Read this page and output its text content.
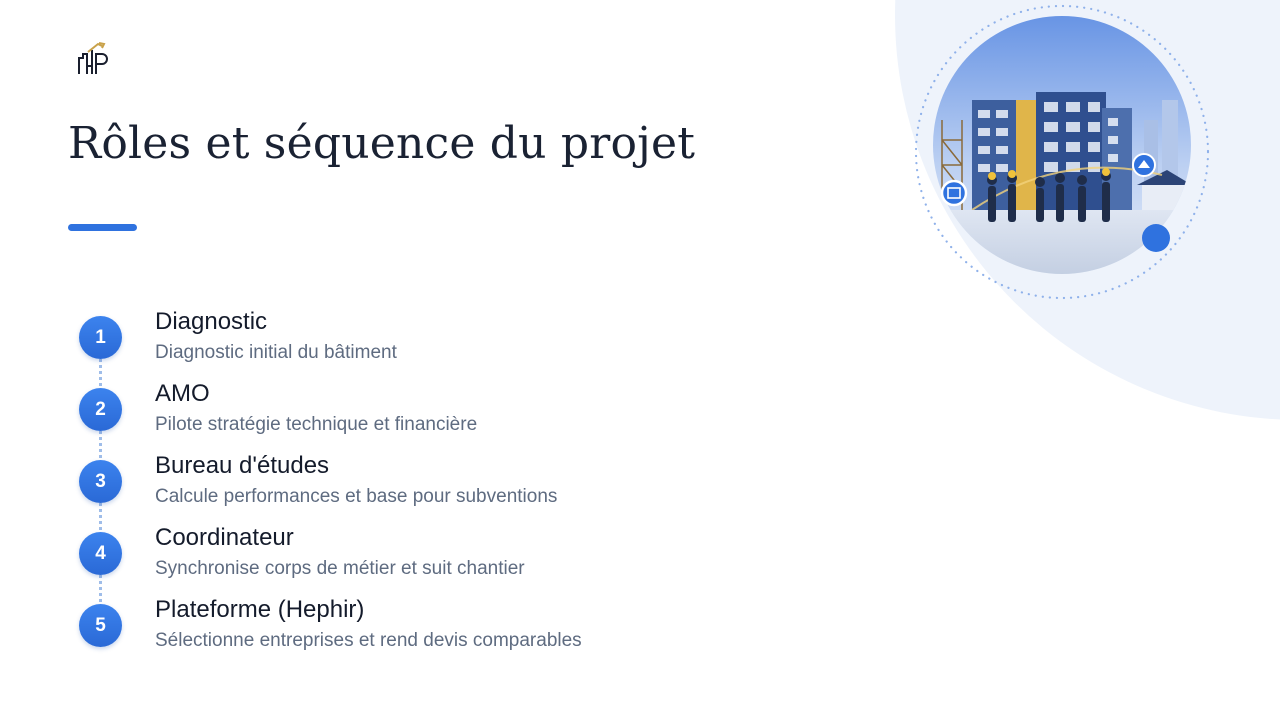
Rôles et séquence du projet
1
Diagnostic
Diagnostic initial du bâtiment
2
AMO
Pilote stratégie technique et financière
3
Bureau d'études
Calcule performances et base pour subventions
4
Coordinateur
Synchronise corps de métier et suit chantier
5
Plateforme (Hephir)
Sélectionne entreprises et rend devis comparables
